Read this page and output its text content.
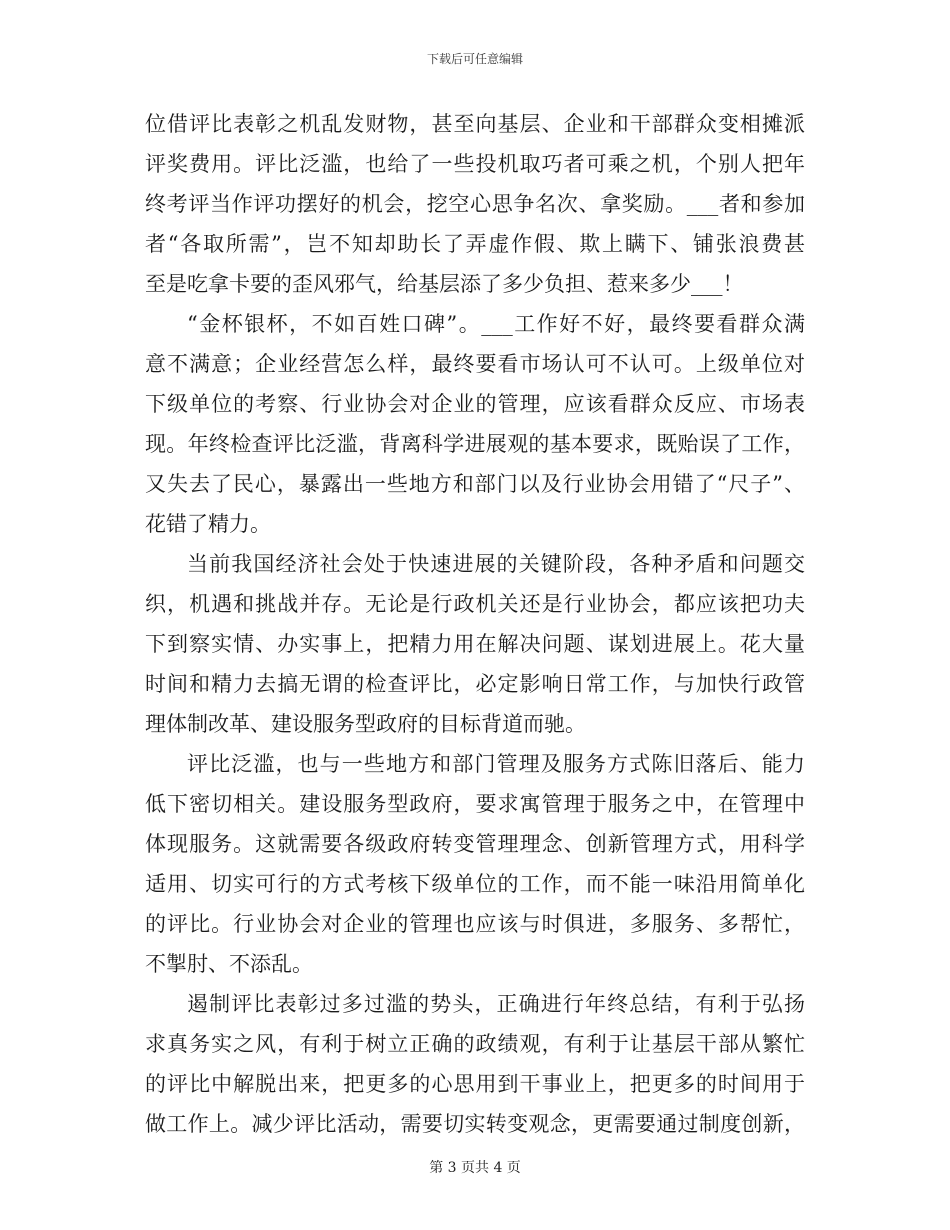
下载后可任意编辑
位借评比表彰之机乱发财物，甚至向基层、企业和干部群众变相摊派
评奖费用。评比泛滥，也给了一些投机取巧者可乘之机，个别人把年
终考评当作评功摆好的机会，挖空心思争名次、拿奖励。___者和参加
者“各取所需”，岂不知却助长了弄虚作假、欺上瞒下、铺张浪费甚
至是吃拿卡要的歪风邪气，给基层添了多少负担、惹来多少___！
“金杯银杯，不如百姓口碑”。___工作好不好，最终要看群众满
意不满意；企业经营怎么样，最终要看市场认可不认可。上级单位对
下级单位的考察、行业协会对企业的管理，应该看群众反应、市场表
现。年终检查评比泛滥，背离科学进展观的基本要求，既贻误了工作，
又失去了民心，暴露出一些地方和部门以及行业协会用错了“尺子”、
花错了精力。
当前我国经济社会处于快速进展的关键阶段，各种矛盾和问题交
织，机遇和挑战并存。无论是行政机关还是行业协会，都应该把功夫
下到察实情、办实事上，把精力用在解决问题、谋划进展上。花大量
时间和精力去搞无谓的检查评比，必定影响日常工作，与加快行政管
理体制改革、建设服务型政府的目标背道而驰。
评比泛滥，也与一些地方和部门管理及服务方式陈旧落后、能力
低下密切相关。建设服务型政府，要求寓管理于服务之中，在管理中
体现服务。这就需要各级政府转变管理理念、创新管理方式，用科学
适用、切实可行的方式考核下级单位的工作，而不能一味沿用简单化
的评比。行业协会对企业的管理也应该与时俱进，多服务、多帮忙，
不掣肘、不添乱。
遏制评比表彰过多过滥的势头，正确进行年终总结，有利于弘扬
求真务实之风，有利于树立正确的政绩观，有利于让基层干部从繁忙
的评比中解脱出来，把更多的心思用到干事业上，把更多的时间用于
做工作上。减少评比活动，需要切实转变观念，更需要通过制度创新，
第 3 页共 4 页
